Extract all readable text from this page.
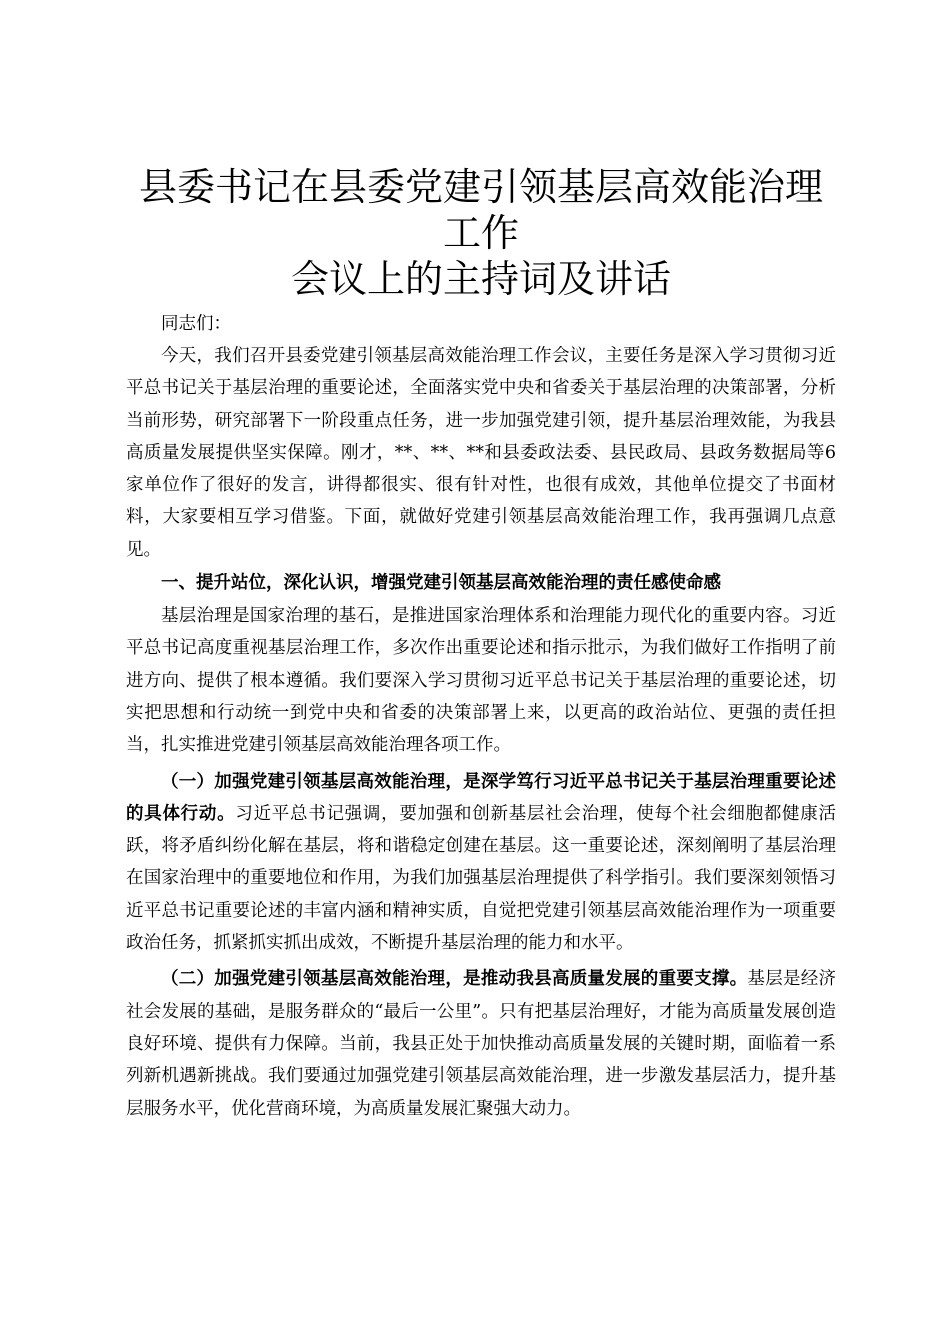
县委书记在县委党建引领基层高效能治理工作
会议上的主持词及讲话

同志们：

今天，我们召开县委党建引领基层高效能治理工作会议，主要任务是深入学习贯彻习近平总书记关于基层治理的重要论述，全面落实党中央和省委关于基层治理的决策部署，分析当前形势，研究部署下一阶段重点任务，进一步加强党建引领，提升基层治理效能，为我县高质量发展提供坚实保障。刚才，**、**、**和县委政法委、县民政局、县政务数据局等6家单位作了很好的发言，讲得都很实、很有针对性，也很有成效，其他单位提交了书面材料，大家要相互学习借鉴。下面，就做好党建引领基层高效能治理工作，我再强调几点意见。

一、提升站位，深化认识，增强党建引领基层高效能治理的责任感使命感

基层治理是国家治理的基石，是推进国家治理体系和治理能力现代化的重要内容。习近平总书记高度重视基层治理工作，多次作出重要论述和指示批示，为我们做好工作指明了前进方向、提供了根本遵循。我们要深入学习贯彻习近平总书记关于基层治理的重要论述，切实把思想和行动统一到党中央和省委的决策部署上来，以更高的政治站位、更强的责任担当，扎实推进党建引领基层高效能治理各项工作。

（一）加强党建引领基层高效能治理，是深学笃行习近平总书记关于基层治理重要论述的具体行动。习近平总书记强调，要加强和创新基层社会治理，使每个社会细胞都健康活跃，将矛盾纠纷化解在基层，将和谐稳定创建在基层。这一重要论述，深刻阐明了基层治理在国家治理中的重要地位和作用，为我们加强基层治理提供了科学指引。我们要深刻领悟习近平总书记重要论述的丰富内涵和精神实质，自觉把党建引领基层高效能治理作为一项重要政治任务，抓紧抓实抓出成效，不断提升基层治理的能力和水平。

（二）加强党建引领基层高效能治理，是推动我县高质量发展的重要支撑。基层是经济社会发展的基础，是服务群众的“最后一公里”。只有把基层治理好，才能为高质量发展创造良好环境、提供有力保障。当前，我县正处于加快推动高质量发展的关键时期，面临着一系列新机遇新挑战。我们要通过加强党建引领基层高效能治理，进一步激发基层活力，提升基层服务水平，优化营商环境，为高质量发展汇聚强大动力。
